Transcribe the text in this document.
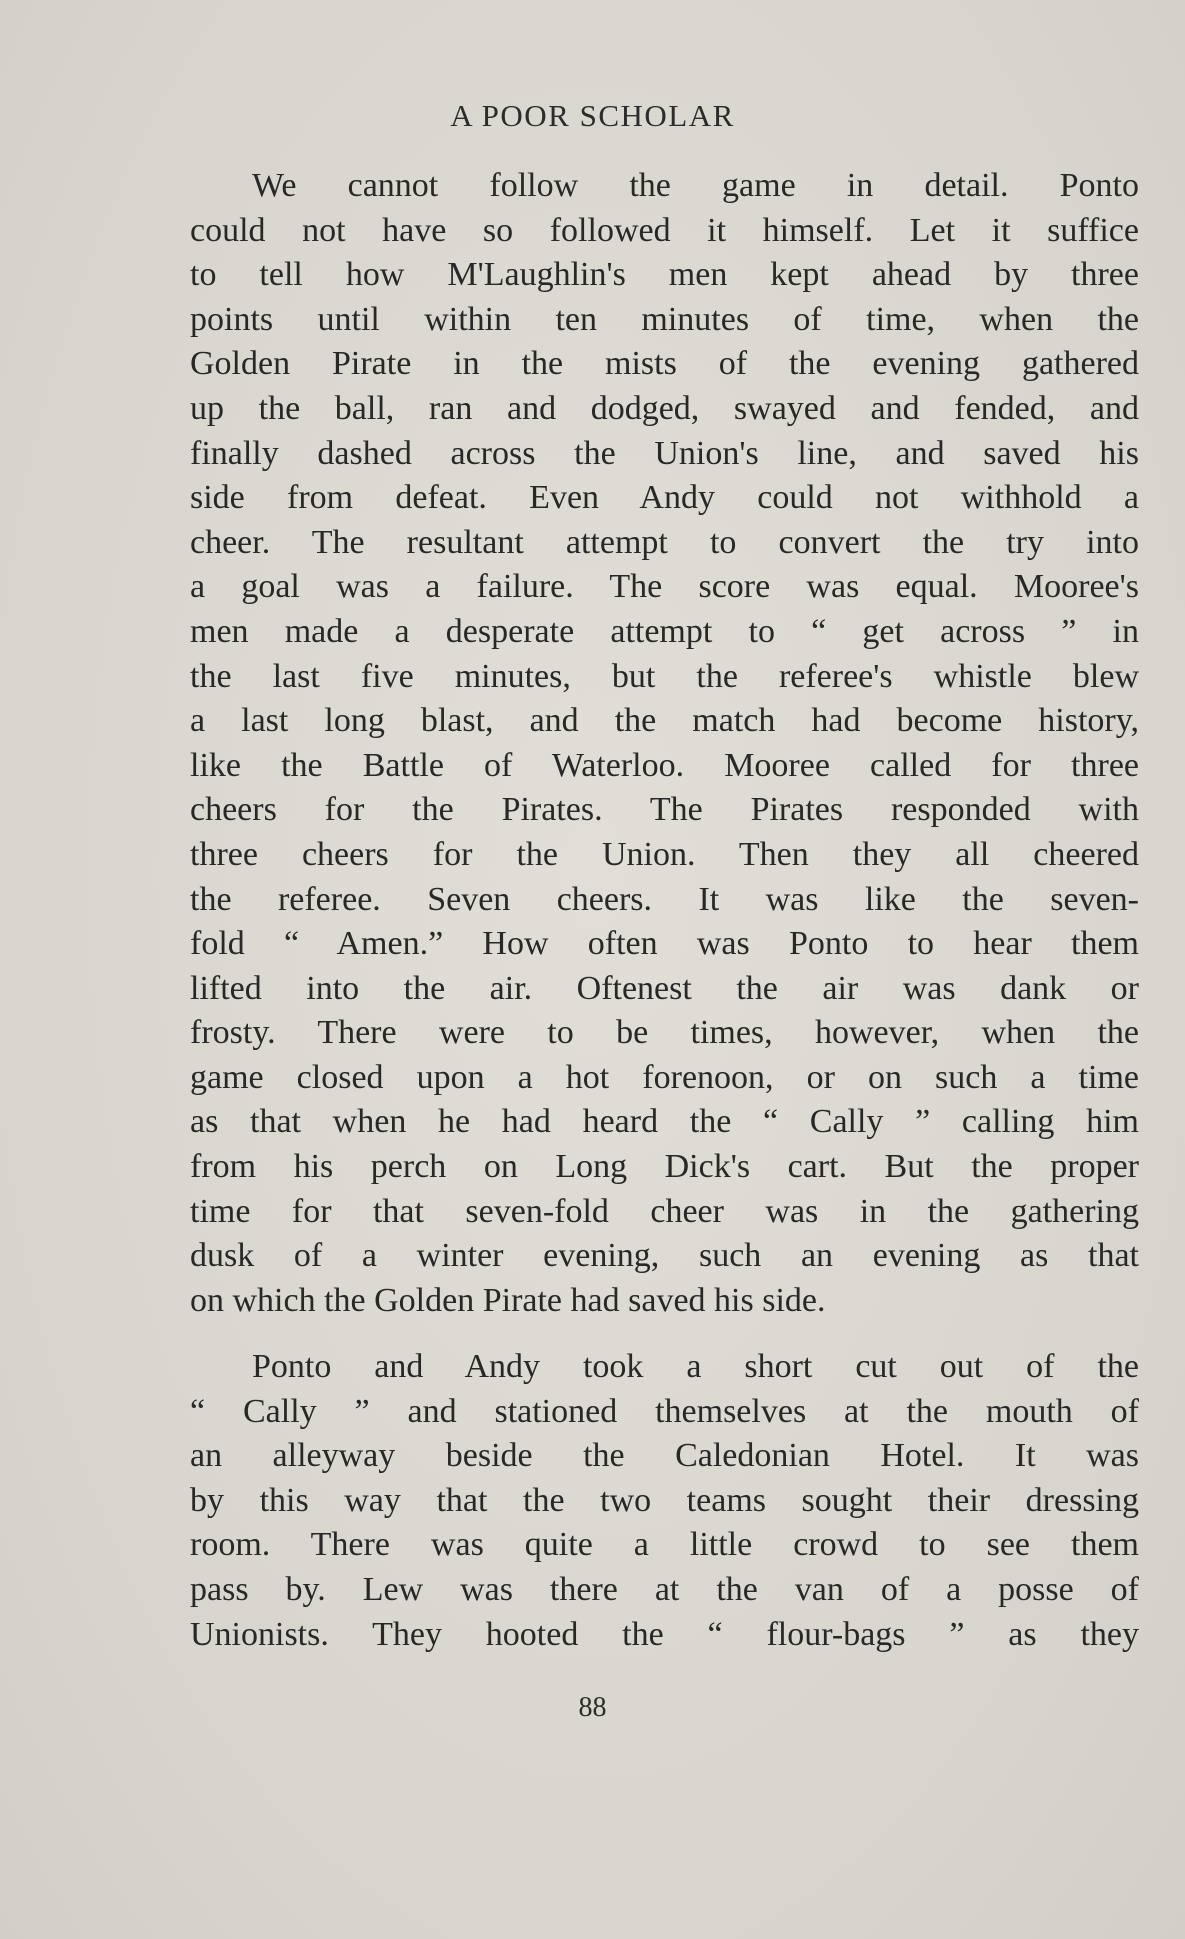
A POOR SCHOLAR
We cannot follow the game in detail. Ponto
could not have so followed it himself. Let it suffice
to tell how M'Laughlin's men kept ahead by three
points until within ten minutes of time, when the
Golden Pirate in the mists of the evening gathered
up the ball, ran and dodged, swayed and fended, and
finally dashed across the Union's line, and saved his
side from defeat. Even Andy could not withhold a
cheer. The resultant attempt to convert the try into
a goal was a failure. The score was equal. Mooree's
men made a desperate attempt to “ get across ” in
the last five minutes, but the referee's whistle blew
a last long blast, and the match had become history,
like the Battle of Waterloo. Mooree called for three
cheers for the Pirates. The Pirates responded with
three cheers for the Union. Then they all cheered
the referee. Seven cheers. It was like the seven-
fold “ Amen.” How often was Ponto to hear them
lifted into the air. Oftenest the air was dank or
frosty. There were to be times, however, when the
game closed upon a hot forenoon, or on such a time
as that when he had heard the “ Cally ” calling him
from his perch on Long Dick's cart. But the proper
time for that seven-fold cheer was in the gathering
dusk of a winter evening, such an evening as that
on which the Golden Pirate had saved his side.
Ponto and Andy took a short cut out of the
“ Cally ” and stationed themselves at the mouth of
an alleyway beside the Caledonian Hotel. It was
by this way that the two teams sought their dressing
room. There was quite a little crowd to see them
pass by. Lew was there at the van of a posse of
Unionists. They hooted the “ flour-bags ” as they
88
